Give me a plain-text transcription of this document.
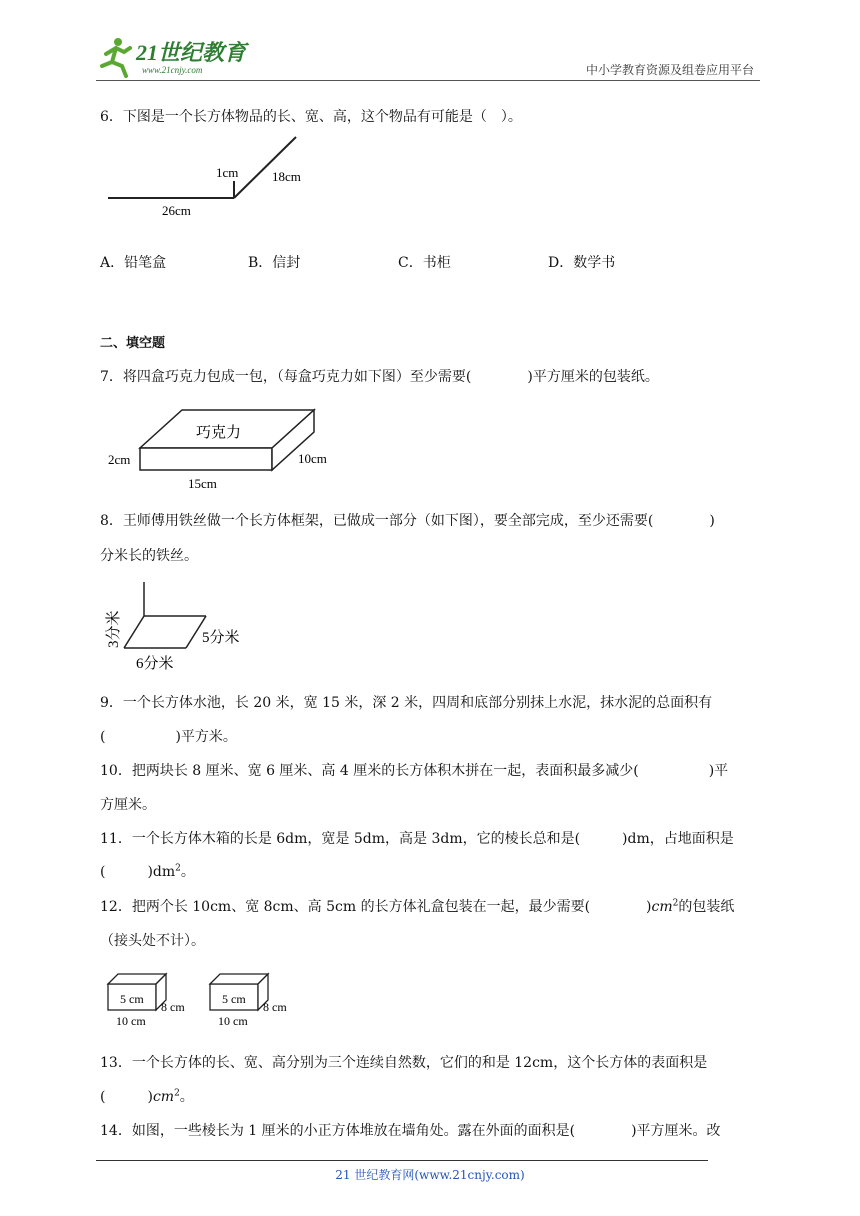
21世纪教育
www.21cnjy.com	中小学教育资源及组卷应用平台
6．下图是一个长方体物品的长、宽、高，这个物品有可能是（　）。
1cm	18cm
26cm
A．铅笔盒	B．信封	C．书柜	D．数学书
二、填空题
7．将四盒巧克力包成一包，（每盒巧克力如下图）至少需要(　　　　)平方厘米的包装纸。
巧克力
2cm	10cm
15cm
8．王师傅用铁丝做一个长方体框架，已做成一部分（如下图），要全部完成，至少还需要(　　　　)
分米长的铁丝。
3分米	5分米
6分米
9．一个长方体水池，长 20 米，宽 15 米，深 2 米，四周和底部分别抹上水泥，抹水泥的总面积有
(　　　　　)平方米。
10．把两块长 8 厘米、宽 6 厘米、高 4 厘米的长方体积木拼在一起，表面积最多减少(　　　　　)平
方厘米。
11．一个长方体木箱的长是 6dm，宽是 5dm，高是 3dm，它的棱长总和是(　　　)dm，占地面积是
(　　　)$dm^2$。
12．把两个长 10cm、宽 8cm、高 5cm 的长方体礼盒包装在一起，最少需要(　　　　)$cm^2$的包装纸
（接头处不计）。
5 cm
8 cm
10 cm
5 cm
8 cm
10 cm
13．一个长方体的长、宽、高分别为三个连续自然数，它们的和是 12cm，这个长方体的表面积是
(　　　)$cm^2$。
14．如图，一些棱长为 1 厘米的小正方体堆放在墙角处。露在外面的面积是(　　　　)平方厘米。改
21 世纪教育网(www.21cnjy.com)
